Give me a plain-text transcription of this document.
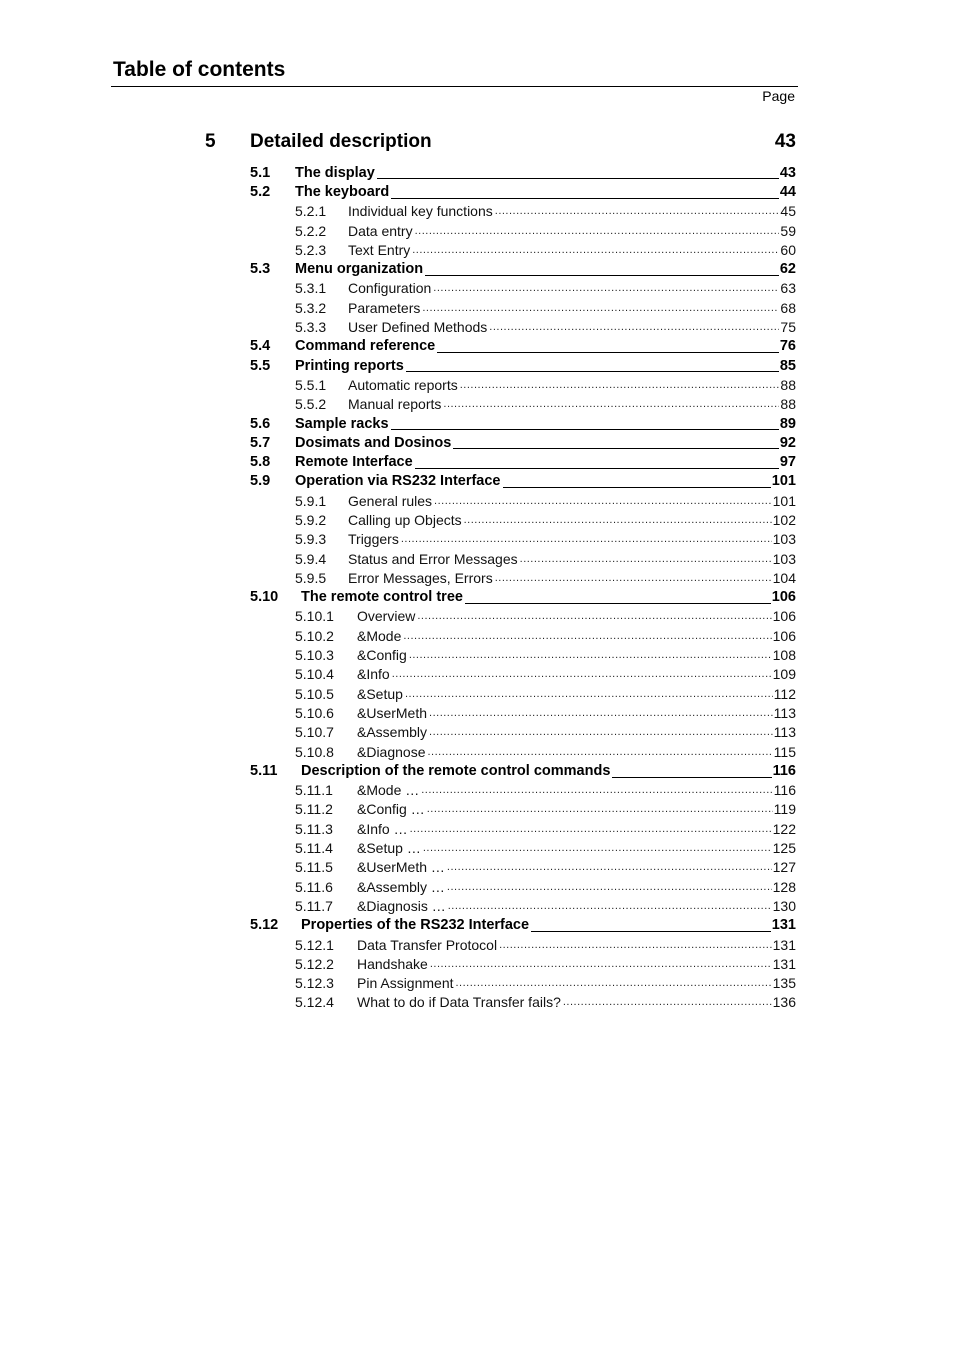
Table of contents
Page
5	Detailed description	43
5.1	The display	43
5.2	The keyboard	44
5.2.1	Individual key functions .....	45
5.2.2	Data entry .....	59
5.2.3	Text Entry .....	60
5.3	Menu organization	62
5.3.1	Configuration .....	63
5.3.2	Parameters .....	68
5.3.3	User Defined Methods .....	75
5.4	Command reference	76
5.5	Printing reports	85
5.5.1	Automatic reports .....	88
5.5.2	Manual reports .....	88
5.6	Sample racks	89
5.7	Dosimats and Dosinos	92
5.8	Remote Interface	97
5.9	Operation via RS232 Interface	101
5.9.1	General rules .....	101
5.9.2	Calling up Objects .....	102
5.9.3	Triggers .....	103
5.9.4	Status and Error Messages .....	103
5.9.5	Error Messages, Errors .....	104
5.10	The remote control tree	106
5.10.1	Overview .....	106
5.10.2	&Mode .....	106
5.10.3	&Config .....	108
5.10.4	&Info .....	109
5.10.5	&Setup .....	112
5.10.6	&UserMeth .....	113
5.10.7	&Assembly .....	113
5.10.8	&Diagnose .....	115
5.11	Description of the remote control commands	116
5.11.1	&Mode … .....	116
5.11.2	&Config … .....	119
5.11.3	&Info … .....	122
5.11.4	&Setup … .....	125
5.11.5	&UserMeth … .....	127
5.11.6	&Assembly … .....	128
5.11.7	&Diagnosis … .....	130
5.12	Properties of the RS232 Interface	131
5.12.1	Data Transfer Protocol .....	131
5.12.2	Handshake .....	131
5.12.3	Pin Assignment .....	135
5.12.4	What to do if Data Transfer fails? .....	136
